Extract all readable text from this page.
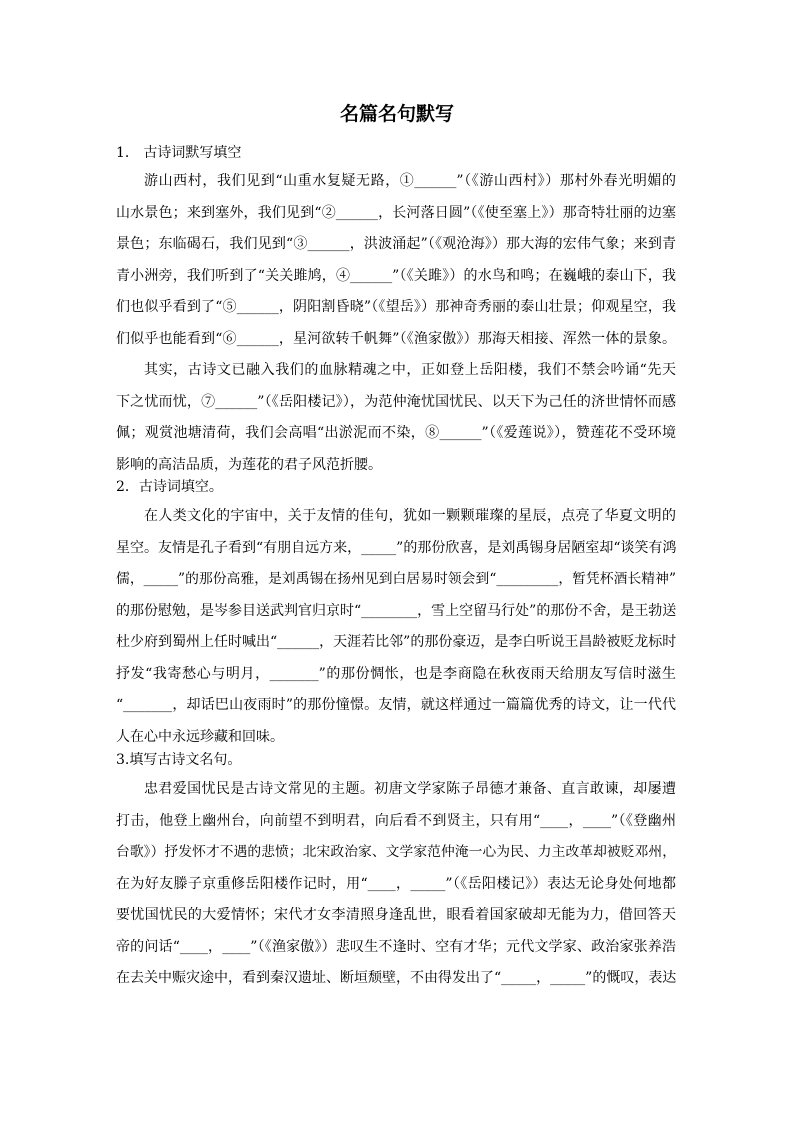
名篇名句默写
1． 古诗词默写填空
游山西村，我们见到“山重水复疑无路，①______”（《游山西村》）那村外春光明媚的
山水景色；来到塞外，我们见到“②______，长河落日圆”（《使至塞上》）那奇特壮丽的边塞
景色；东临碣石，我们见到“③______，洪波涌起”（《观沧海》）那大海的宏伟气象；来到青
青小洲旁，我们听到了“关关雎鸠，④______”（《关雎》）的水鸟和鸣；在巍峨的泰山下，我
们也似乎看到了“⑤______，阴阳割昏晓”（《望岳》）那神奇秀丽的泰山壮景；仰观星空，我
们似乎也能看到“⑥______，星河欲转千帆舞”（《渔家傲》）那海天相接、浑然一体的景象。
其实，古诗文已融入我们的血脉精魂之中，正如登上岳阳楼，我们不禁会吟诵“先天
下之忧而忧，⑦______”（《岳阳楼记》），为范仲淹忧国忧民、以天下为己任的济世情怀而感
佩；观赏池塘清荷，我们会高唱“出淤泥而不染，⑧______”（《爱莲说》），赞莲花不受环境
影响的高洁品质，为莲花的君子风范折腰。
2．古诗词填空。
在人类文化的宇宙中，关于友情的佳句，犹如一颗颗璀璨的星辰，点亮了华夏文明的
星空。友情是孔子看到“有朋自远方来，_____”的那份欣喜，是刘禹锡身居陋室却“谈笑有鸿
儒，_____”的那份高雅，是刘禹锡在扬州见到白居易时领会到“_________，暂凭杯酒长精神”
的那份慰勉，是岑参目送武判官归京时“________，雪上空留马行处”的那份不舍，是王勃送
杜少府到蜀州上任时喊出“______，天涯若比邻”的那份豪迈，是李白听说王昌龄被贬龙标时
抒发“我寄愁心与明月，_______”的那份惆怅，也是李商隐在秋夜雨天给朋友写信时滋生
“_______，却话巴山夜雨时”的那份憧憬。友情，就这样通过一篇篇优秀的诗文，让一代代
人在心中永远珍藏和回味。
3.填写古诗文名句。
忠君爱国忧民是古诗文常见的主题。初唐文学家陈子昂德才兼备、直言敢谏，却屡遭
打击，他登上幽州台，向前望不到明君，向后看不到贤主，只有用“____，____”（《登幽州
台歌》）抒发怀才不遇的悲愤；北宋政治家、文学家范仲淹一心为民、力主改革却被贬邓州，
在为好友滕子京重修岳阳楼作记时，用“____，_____”（《岳阳楼记》）表达无论身处何地都
要忧国忧民的大爱情怀；宋代才女李清照身逢乱世，眼看着国家破却无能为力，借回答天
帝的问话“____，____”（《渔家傲》）悲叹生不逢时、空有才华；元代文学家、政治家张养浩
在去关中赈灾途中，看到秦汉遗址、断垣颓壁，不由得发出了“_____，_____”的慨叹，表达
